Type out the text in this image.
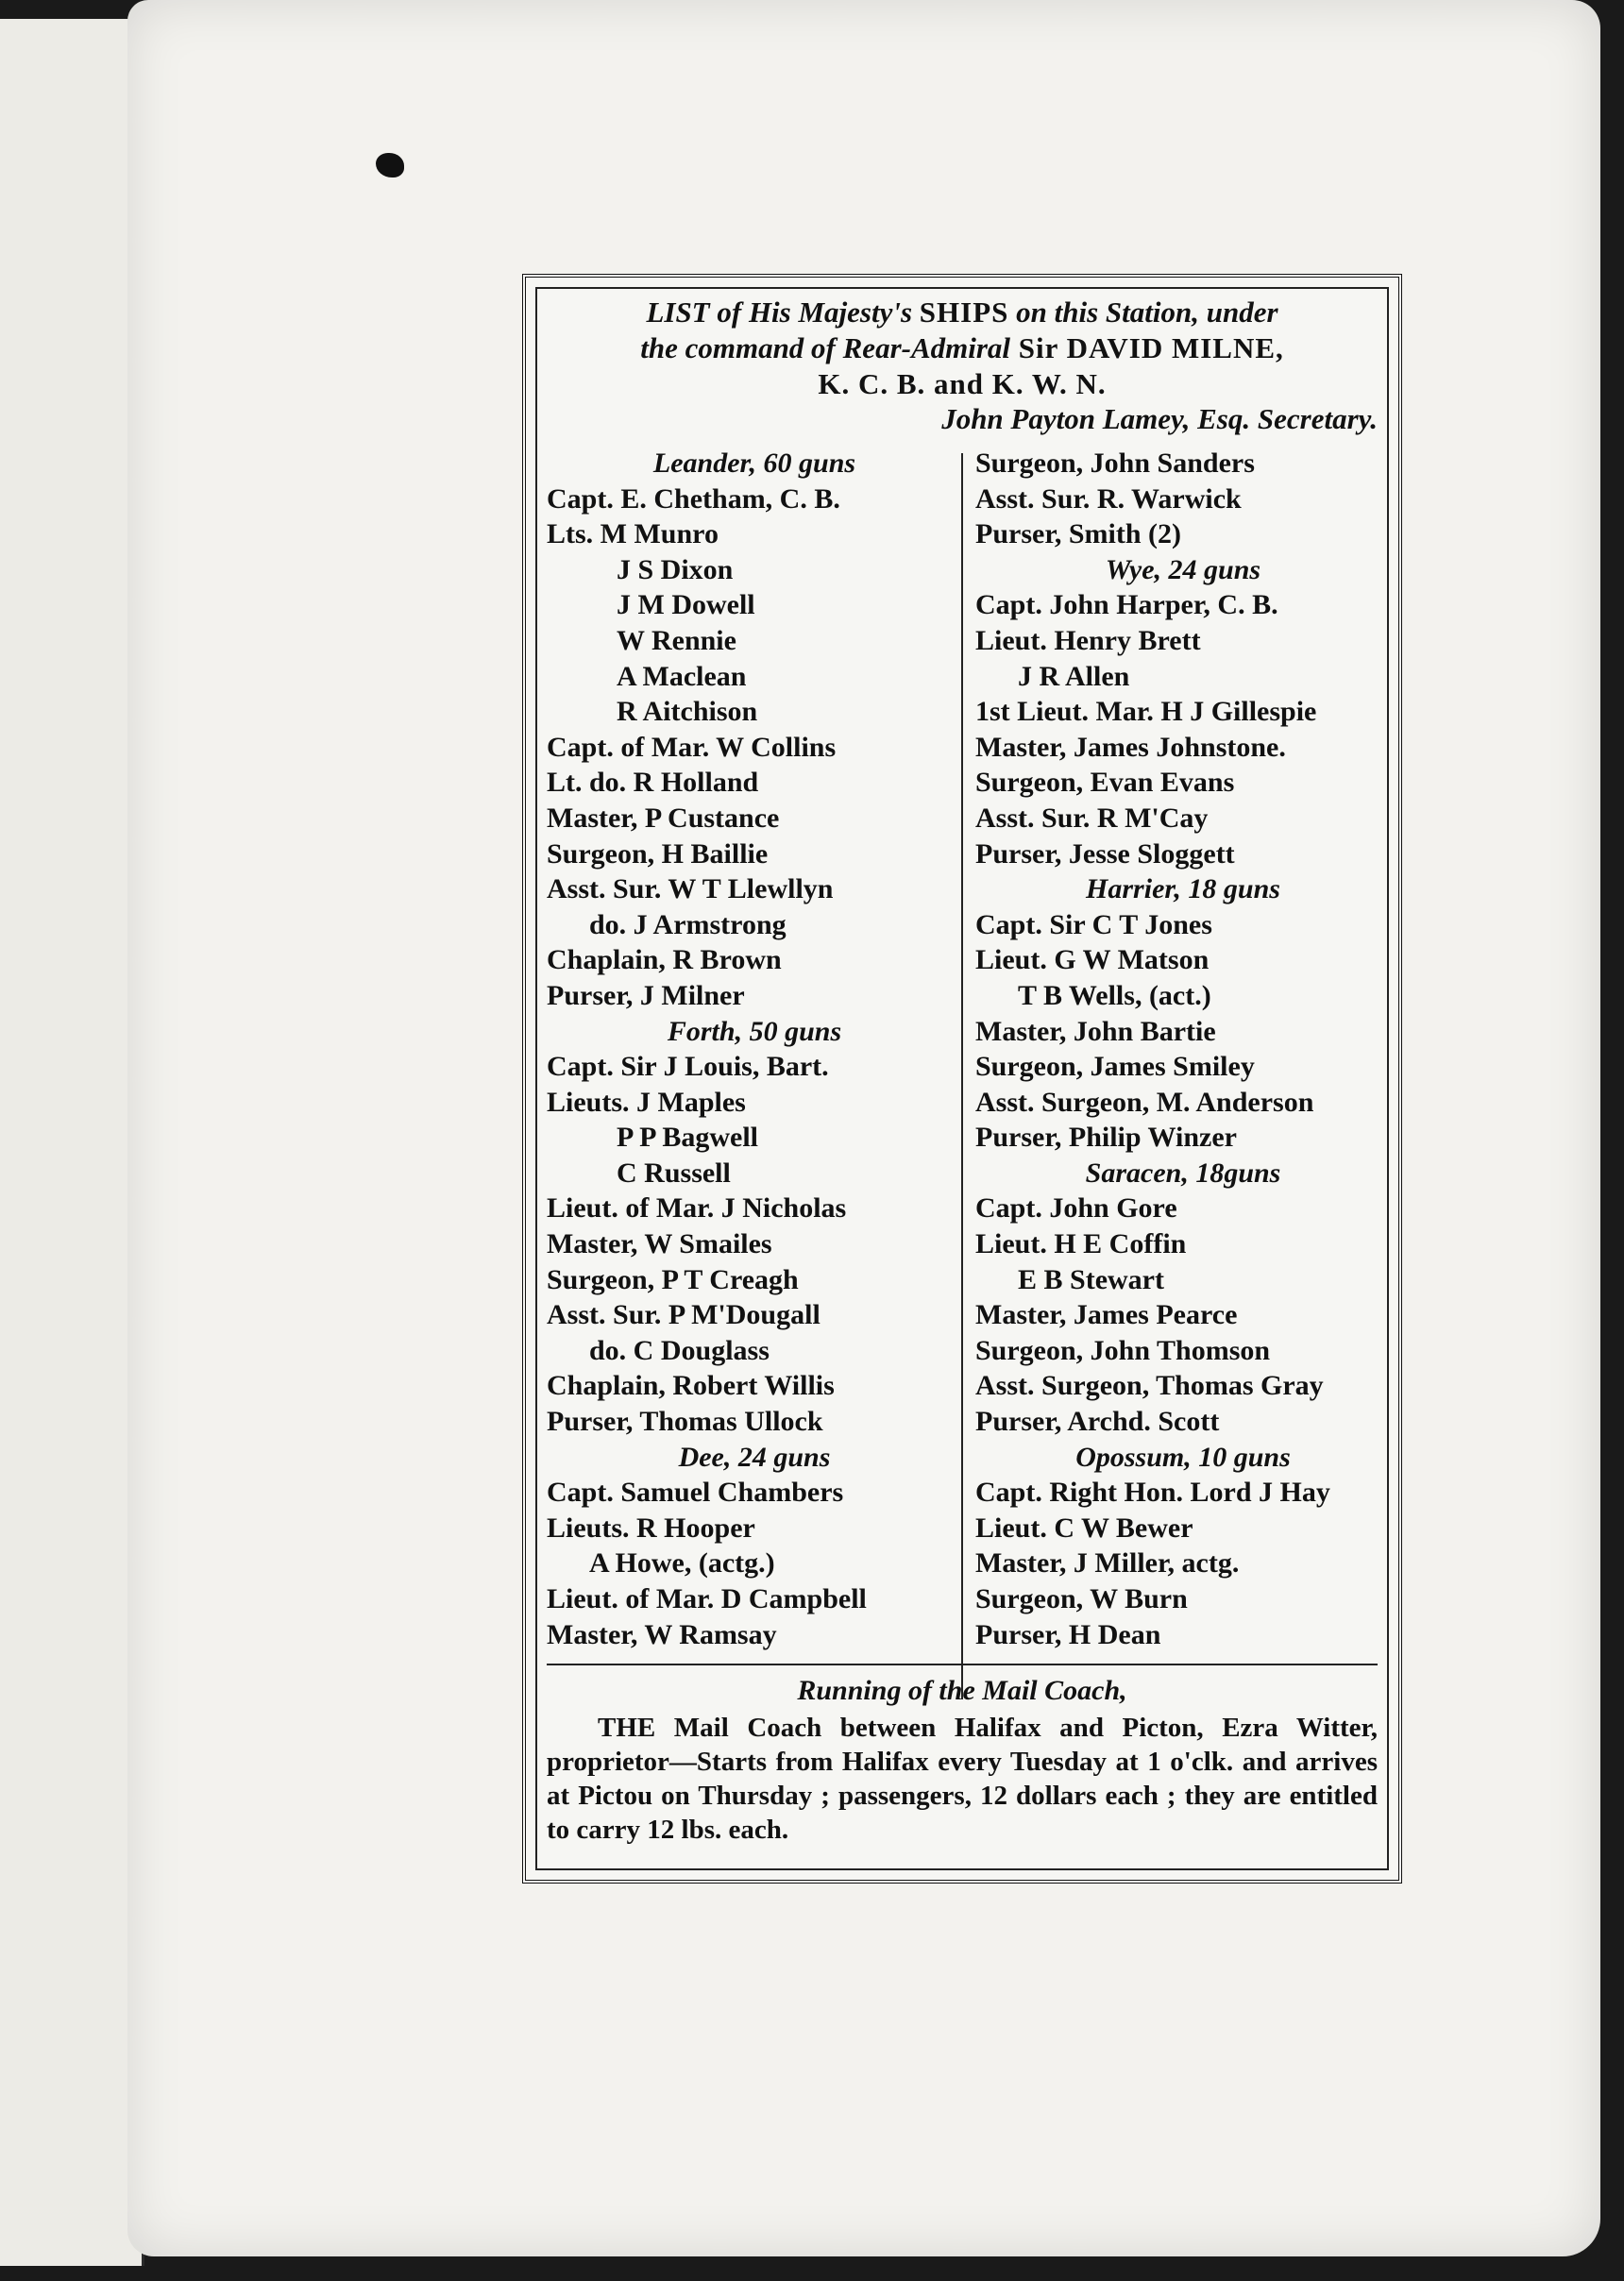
LIST of His Majesty's SHIPS on this Station, under
the command of Rear-Admiral Sir DAVID MILNE,
K. C. B. and K. W. N.
John Payton Lamey, Esq. Secretary.
Leander, 60 guns
Capt. E. Chetham, C. B.
Lts. M Munro
J S Dixon
J M Dowell
W Rennie
A Maclean
R Aitchison
Capt. of Mar. W Collins
Lt. do. R Holland
Master, P Custance
Surgeon, H Baillie
Asst. Sur. W T Llewllyn
do. J Armstrong
Chaplain, R Brown
Purser, J Milner
Forth, 50 guns
Capt. Sir J Louis, Bart.
Lieuts. J Maples
P P Bagwell
C Russell
Lieut. of Mar. J Nicholas
Master, W Smailes
Surgeon, P T Creagh
Asst. Sur. P M'Dougall
do. C Douglass
Chaplain, Robert Willis
Purser, Thomas Ullock
Dee, 24 guns
Capt. Samuel Chambers
Lieuts. R Hooper
A Howe, (actg.)
Lieut. of Mar. D Campbell
Master, W Ramsay
Surgeon, John Sanders
Asst. Sur. R. Warwick
Purser, Smith (2)
Wye, 24 guns
Capt. John Harper, C. B.
Lieut. Henry Brett
J R Allen
1st Lieut. Mar. H J Gillespie
Master, James Johnstone.
Surgeon, Evan Evans
Asst. Sur. R M'Cay
Purser, Jesse Sloggett
Harrier, 18 guns
Capt. Sir C T Jones
Lieut. G W Matson
T B Wells, (act.)
Master, John Bartie
Surgeon, James Smiley
Asst. Surgeon, M. Anderson
Purser, Philip Winzer
Saracen, 18guns
Capt. John Gore
Lieut. H E Coffin
E B Stewart
Master, James Pearce
Surgeon, John Thomson
Asst. Surgeon, Thomas Gray
Purser, Archd. Scott
Opossum, 10 guns
Capt. Right Hon. Lord J Hay
Lieut. C W Bewer
Master, J Miller, actg.
Surgeon, W Burn
Purser, H Dean
Running of the Mail Coach,
THE Mail Coach between Halifax and Picton, Ezra Witter, proprietor—Starts from Halifax every Tuesday at 1 o'clk. and arrives at Pictou on Thursday ; passengers, 12 dollars each ; they are entitled to carry 12 lbs. each.
